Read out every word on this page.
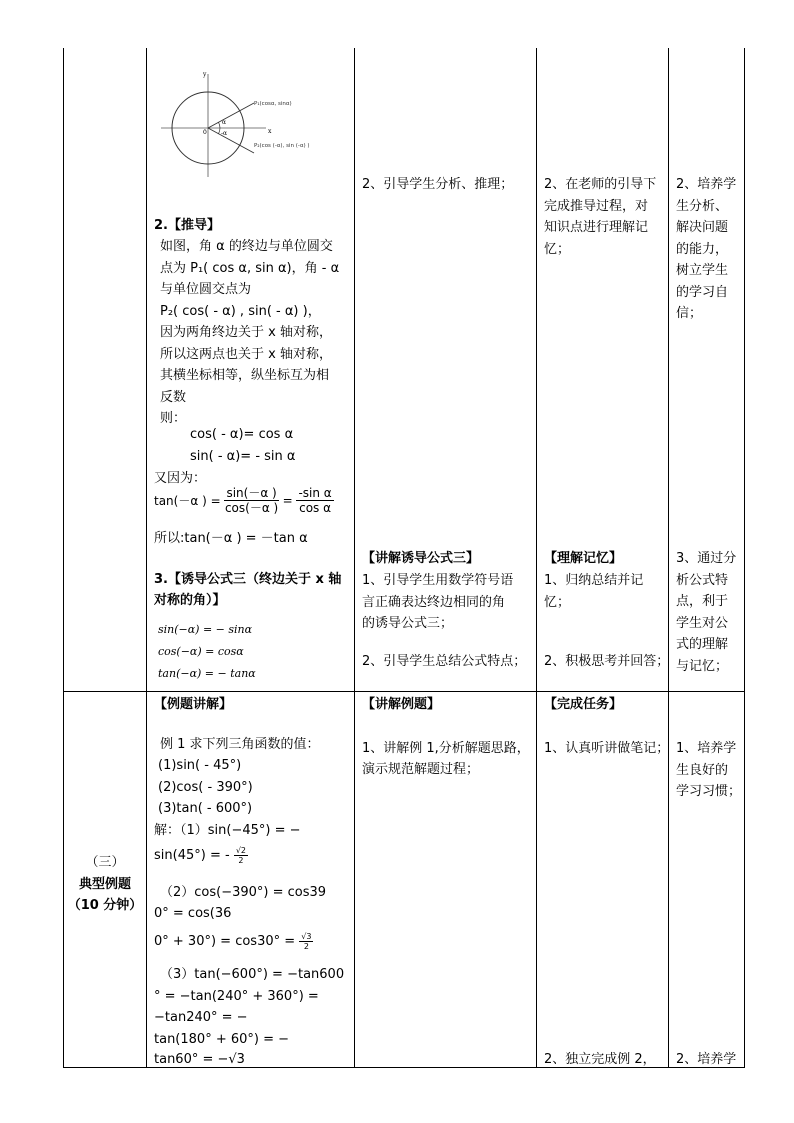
y
x
0
α
-α
P₁(cosα, sinα)
P₂(cos (-α), sin (-α) )
2.【推导】
如图，角 α 的终边与单位圆交
点为 P₁( cos α, sin α)，角 - α
与单位圆交点为
P₂( cos( - α) , sin( - α) )，
因为两角终边关于 x 轴对称，
所以这两点也关于 x 轴对称，
其横坐标相等，纵坐标互为相
反数
则：
cos( - α)= cos α
sin( - α)= - sin α
又因为：
tan(－α ) = $\frac{\sin(-\alpha )}{\cos(-\alpha )} = \frac{\text{-sin α}}{\text{cos α}}$
所以:tan(－α ) = －tan α
3.【诱导公式三（终边关于 x 轴
对称的角）】
sin(−α) = − sinα
cos(−α) = cosα
tan(−α) = − tanα
【例题讲解】
例 1 求下列三角函数的值：
(1)sin( - 45°)
(2)cos( - 390°)
(3)tan( - 600°)
解：（1）sin(−45°) = −
sin(45°) = - $\frac{√2}{2}$
（2）cos(−390°) = cos39
0° = cos(36
$0^\circ + 30^\circ) = \cos 30^\circ = \frac{√3}{2}$
（3）tan(−600°) = −tan600
° = −tan(240° + 360°) =
−tan240° = −
tan(180° + 60°) = −
tan60° = −√3
2、引导学生分析、推理；
【讲解诱导公式三】
1、引导学生用数学符号语
言正确表达终边相同的角
的诱导公式三；
2、引导学生总结公式特点；
【讲解例题】
1、讲解例 1,分析解题思路，
演示规范解题过程；
2、在老师的引导下
完成推导过程，对
知识点进行理解记
忆；
【理解记忆】
1、归纳总结并记
忆；
2、积极思考并回答；
【完成任务】
1、认真听讲做笔记；
2、独立完成例 2，
2、培养学
生分析、
解决问题
的能力，
树立学生
的学习自
信；
3、通过分
析公式特
点，利于
学生对公
式的理解
与记忆；
1、培养学
生良好的
学习习惯；
2、培养学
（三）
典型例题
（10 分钟）
